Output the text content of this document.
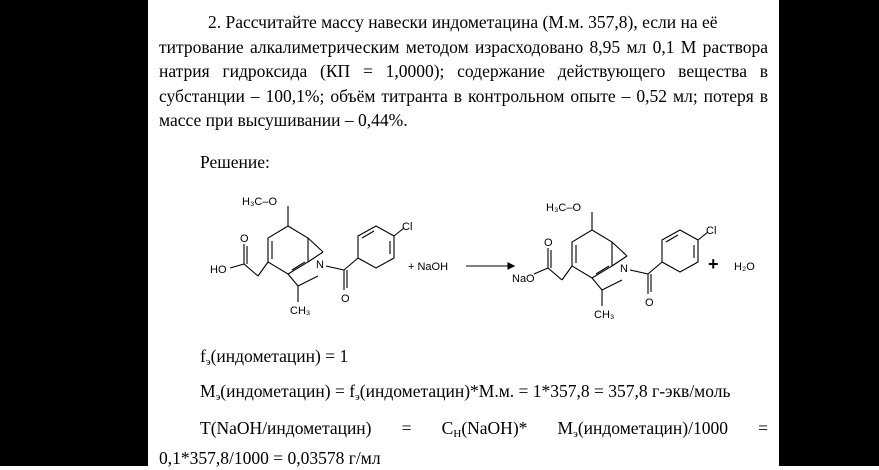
2. Рассчитайте массу навески индометацина (М.м. 357,8), если на её
титрование алкалиметрическим методом израсходовано 8,95 мл 0,1 М раствора натрия гидроксида (КП = 1,0000); содержание действующего вещества в субстанции – 100,1%; объём титранта в контрольном опыте – 0,52 мл; потеря в массе при высушивании – 0,44%.
Решение:
H₃C–O
O
HO	N
CH₃
O
Cl
+ NaOH
H₃C–O
O
NaO
N
CH₃
O
Cl
+ H₂O
$f_э(индометацин) = 1$
$М_э(индометацин)$ = $f_э(индометацин)*М.м$. = 1*357,8 = 357,8 г-экв/моль
Т(NaOH/индометацин) = $C_H(NaOH)*$ $М_э(индометацин)/1000$ =
0,1*357,8/1000 = 0,03578 г/мл
